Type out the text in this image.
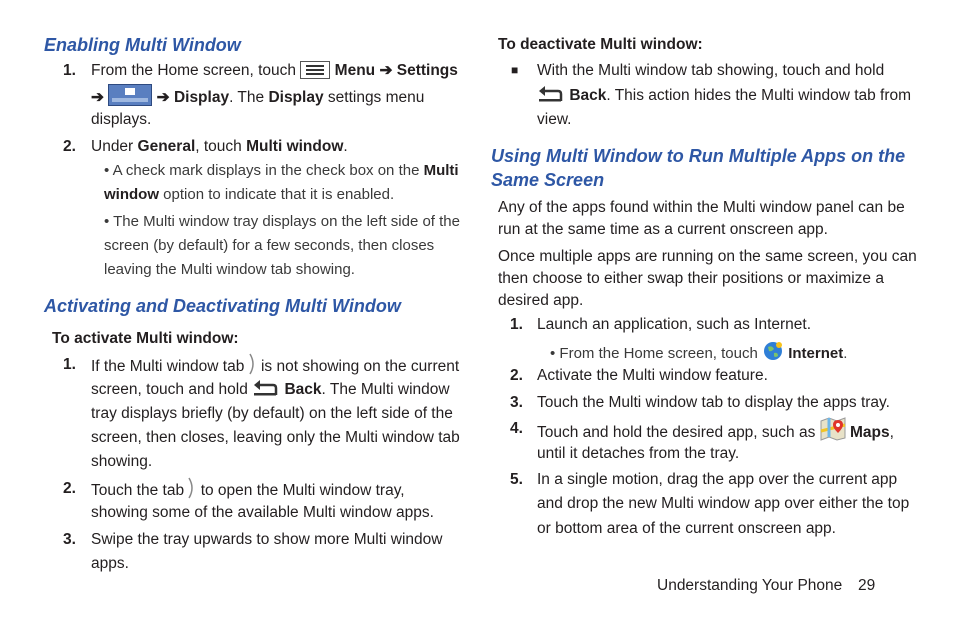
Enabling Multi Window
1. From the Home screen, touch Menu ➔ Settings
➔	➔ Display. The Display settings menu
displays.
2. Under General, touch Multi window.
• A check mark displays in the check box on the Multi
window option to indicate that it is enabled.
• The Multi window tray displays on the left side of the
screen (by default) for a few seconds, then closes
leaving the Multi window tab showing.
Activating and Deactivating Multi Window
To activate Multi window:
1. If the Multi window tab is not showing on the current
screen, touch and hold Back. The Multi window
tray displays briefly (by default) on the left side of the
screen, then closes, leaving only the Multi window tab
showing.
2. Touch the tab to open the Multi window tray,
showing some of the available Multi window apps.
3. Swipe the tray upwards to show more Multi window
apps.
To deactivate Multi window:
■ With the Multi window tab showing, touch and hold
Back. This action hides the Multi window tab from
view.
Using Multi Window to Run Multiple Apps on the
Same Screen
Any of the apps found within the Multi window panel can be
run at the same time as a current onscreen app.
Once multiple apps are running on the same screen, you can
then choose to either swap their positions or maximize a
desired app.
1. Launch an application, such as Internet.
• From the Home screen, touch Internet.
2. Activate the Multi window feature.
3. Touch the Multi window tab to display the apps tray.
4. Touch and hold the desired app, such as Maps,
until it detaches from the tray.
5. In a single motion, drag the app over the current app
and drop the new Multi window app over either the top
or bottom area of the current onscreen app.
Understanding Your Phone 29
